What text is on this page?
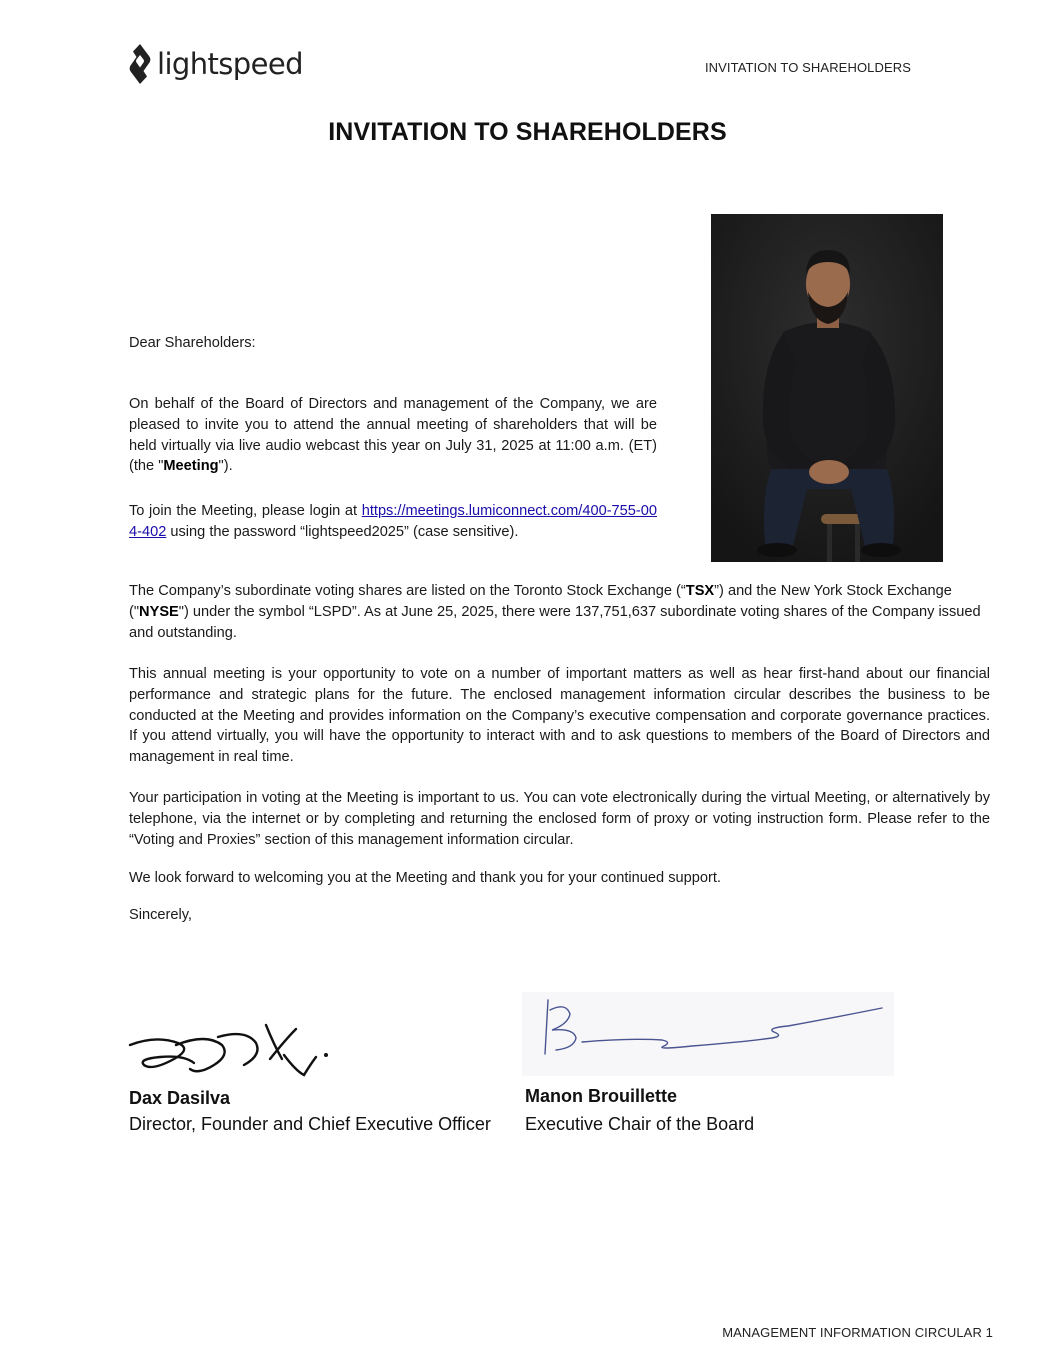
lightspeed	INVITATION TO SHAREHOLDERS
INVITATION TO SHAREHOLDERS

Dear Shareholders:

On behalf of the Board of Directors and management of the Company, we are pleased to invite you to attend the annual meeting of shareholders that will be held virtually via live audio webcast this year on July 31, 2025 at 11:00 a.m. (ET) (the "Meeting").

To join the Meeting, please login at https://meetings.lumiconnect.com/400-755-004-402 using the password “lightspeed2025” (case sensitive).

The Company’s subordinate voting shares are listed on the Toronto Stock Exchange (“TSX”) and the New York Stock Exchange ("NYSE") under the symbol “LSPD”. As at June 25, 2025, there were 137,751,637 subordinate voting shares of the Company issued and outstanding.

This annual meeting is your opportunity to vote on a number of important matters as well as hear first-hand about our financial performance and strategic plans for the future. The enclosed management information circular describes the business to be conducted at the Meeting and provides information on the Company’s executive compensation and corporate governance practices. If you attend virtually, you will have the opportunity to interact with and to ask questions to members of the Board of Directors and management in real time.

Your participation in voting at the Meeting is important to us. You can vote electronically during the virtual Meeting, or alternatively by telephone, via the internet or by completing and returning the enclosed form of proxy or voting instruction form. Please refer to the “Voting and Proxies” section of this management information circular.

We look forward to welcoming you at the Meeting and thank you for your continued support.

Sincerely,

Dax Dasilva
Director, Founder and Chief Executive Officer
Manon Brouillette
Executive Chair of the Board
MANAGEMENT INFORMATION CIRCULAR 1
